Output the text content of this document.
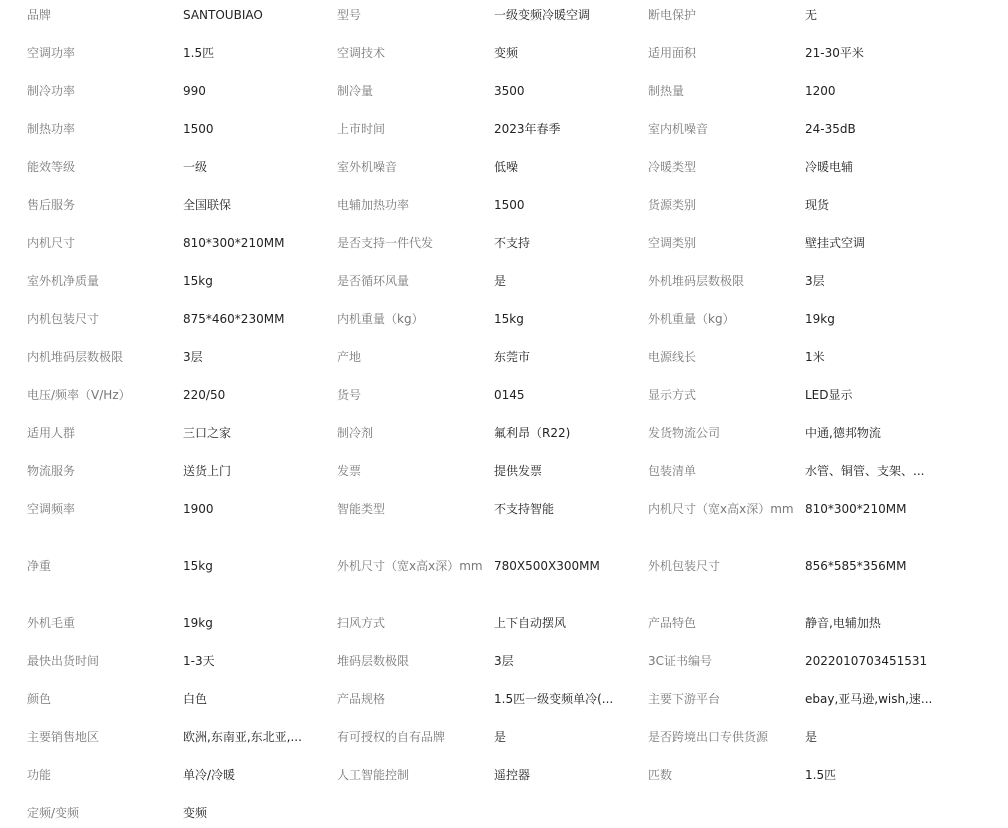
品牌	SANTOUBIAO	型号	一级变频冷暖空调	断电保护	无
空调功率	1.5匹	空调技术	变频	适用面积	21-30平米
制冷功率	990	制冷量	3500	制热量	1200
制热功率	1500	上市时间	2023年春季	室内机噪音	24-35dB
能效等级	一级	室外机噪音	低噪	冷暖类型	冷暖电辅
售后服务	全国联保	电辅加热功率	1500	货源类别	现货
内机尺寸	810*300*210MM	是否支持一件代发	不支持	空调类别	壁挂式空调
室外机净质量	15kg	是否循环风量	是	外机堆码层数极限	3层
内机包装尺寸	875*460*230MM	内机重量（kg）	15kg	外机重量（kg）	19kg
内机堆码层数极限	3层	产地	东莞市	电源线长	1米
电压/频率（V/Hz）	220/50	货号	0145	显示方式	LED显示
适用人群	三口之家	制冷剂	氟利昂（R22)	发货物流公司	中通,德邦物流
物流服务	送货上门	发票	提供发票	包装清单	水管、铜管、支架、...
空调频率	1900	智能类型	不支持智能	内机尺寸（宽x高x深）mm 810*300*210MM
净重	15kg	外机尺寸（宽x高x深）mm 780X500X300MM	外机包装尺寸	856*585*356MM
外机毛重	19kg	扫风方式	上下自动摆风	产品特色	静音,电辅加热
最快出货时间	1-3天	堆码层数极限	3层	3C证书编号	2022010703451531
颜色	白色	产品规格	1.5匹一级变频单冷(...	主要下游平台	ebay,亚马逊,wish,速...
主要销售地区	欧洲,东南亚,东北亚,...	有可授权的自有品牌	是	是否跨境出口专供货源	是
功能	单冷/冷暖	人工智能控制	遥控器	匹数	1.5匹
定频/变频	变频
